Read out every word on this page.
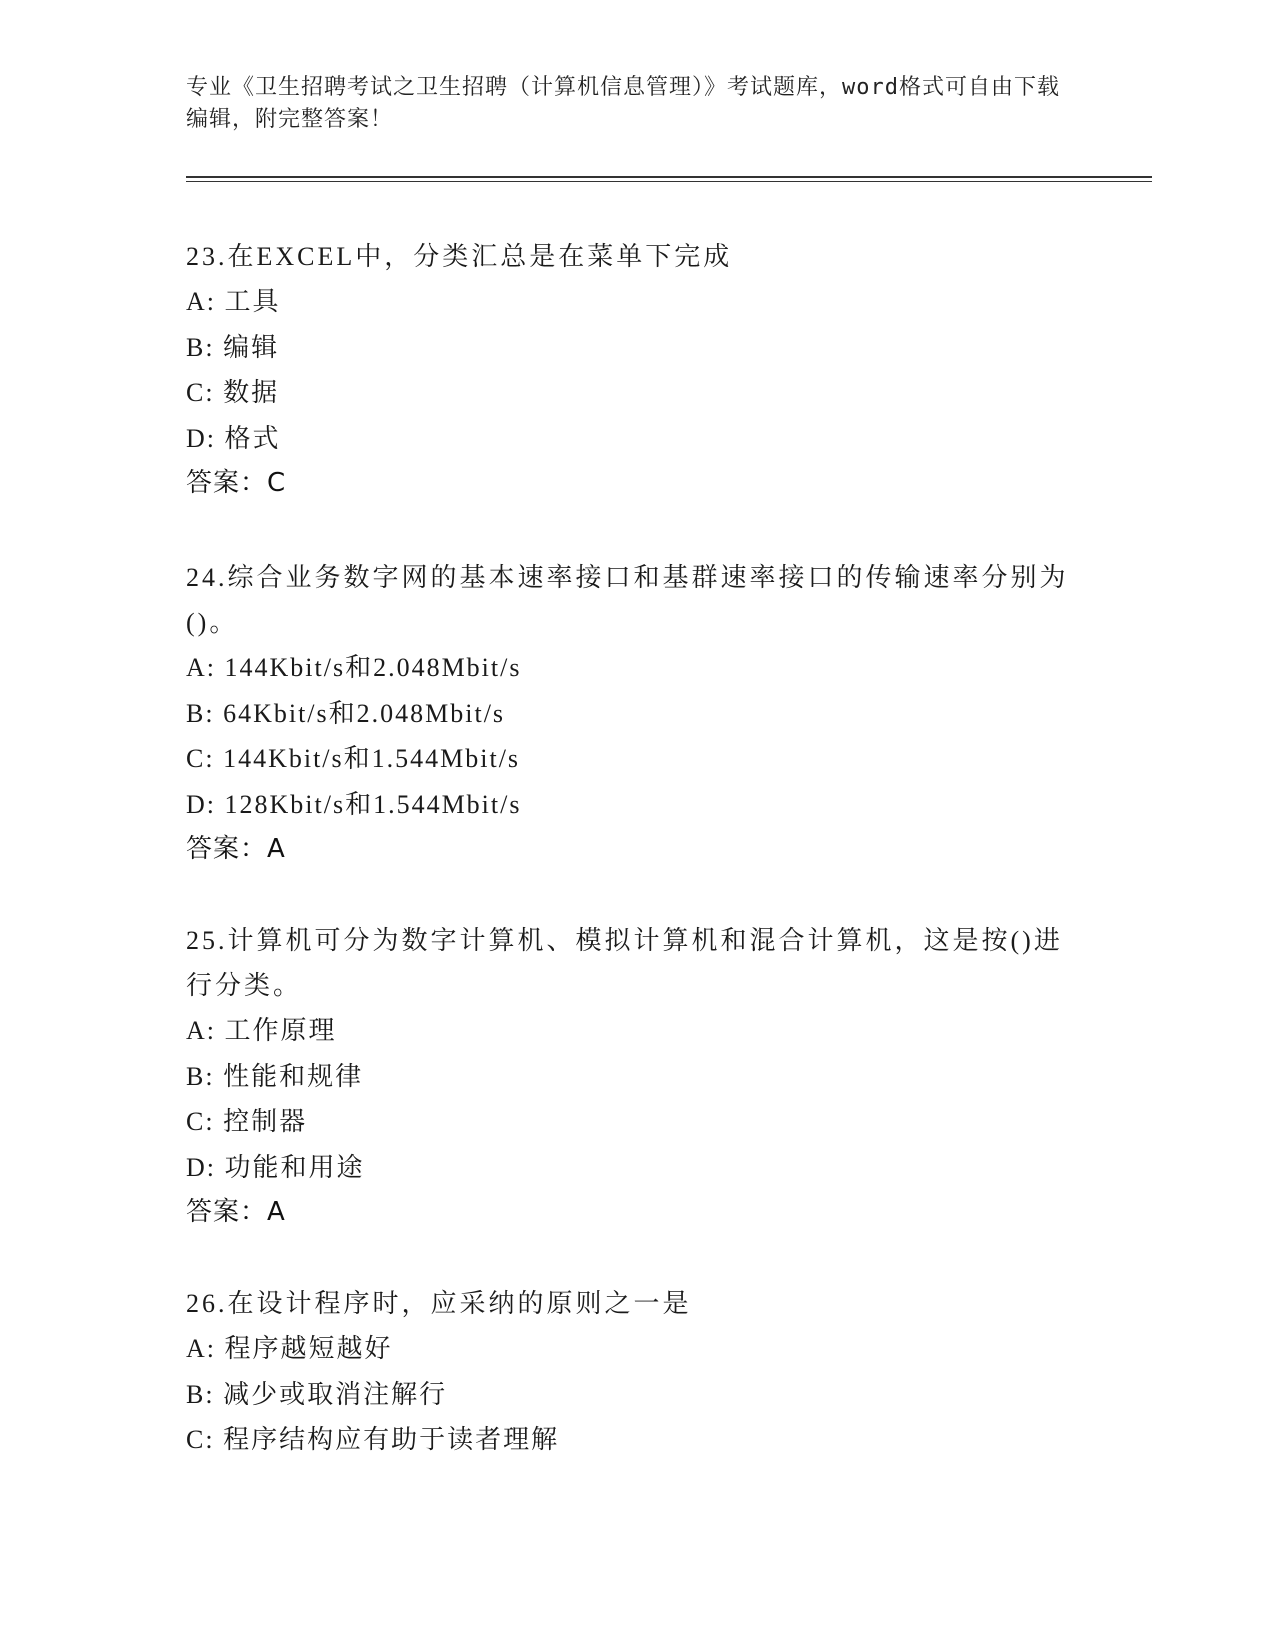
专业《卫生招聘考试之卫生招聘（计算机信息管理）》考试题库，word格式可自由下载编辑，附完整答案！

23.在EXCEL中，分类汇总是在菜单下完成

A: 工具

B: 编辑

C: 数据

D: 格式

答案：C

24.综合业务数字网的基本速率接口和基群速率接口的传输速率分别为()。

A: 144Kbit/s和2.048Mbit/s

B: 64Kbit/s和2.048Mbit/s

C: 144Kbit/s和1.544Mbit/s

D: 128Kbit/s和1.544Mbit/s

答案：A

25.计算机可分为数字计算机、模拟计算机和混合计算机，这是按()进行分类。

A: 工作原理

B: 性能和规律

C: 控制器

D: 功能和用途

答案：A

26.在设计程序时，应采纳的原则之一是

A: 程序越短越好

B: 减少或取消注解行

C: 程序结构应有助于读者理解
